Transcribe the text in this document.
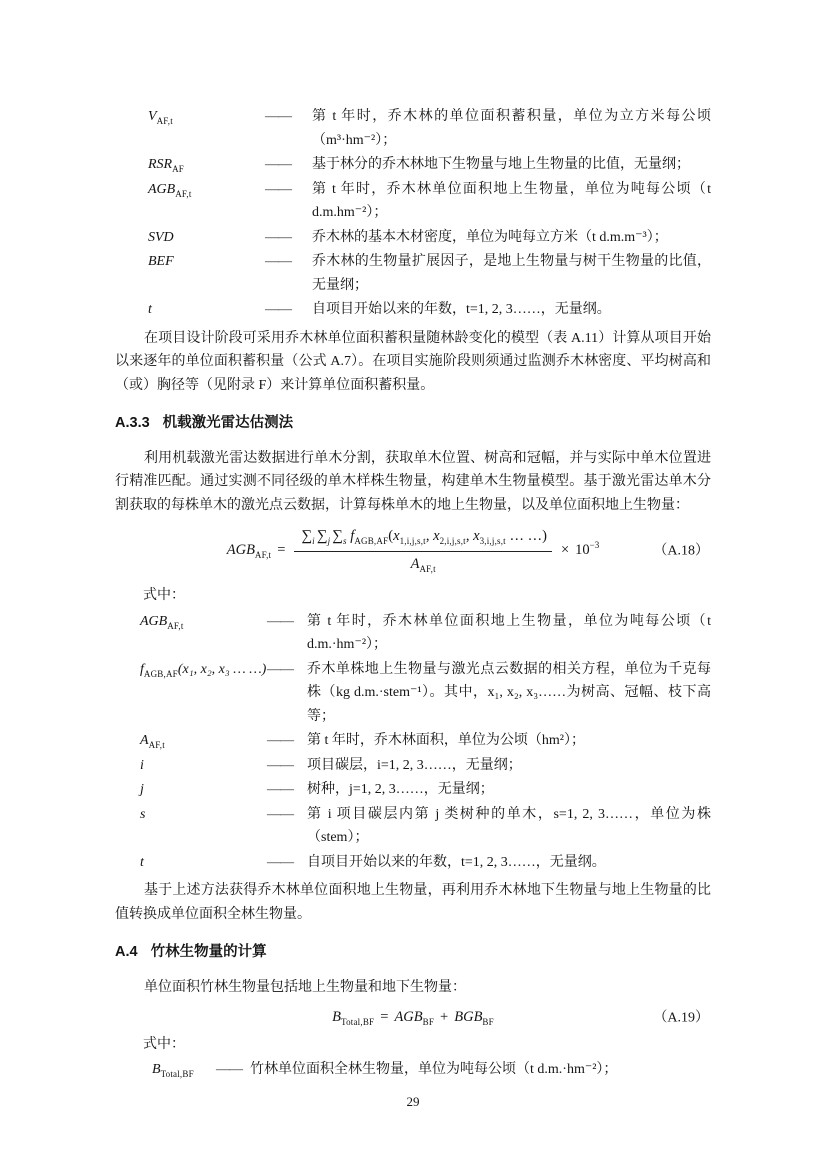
$V_{AF,t}$	——	第 t 年时，乔木林的单位面积蓄积量，单位为立方米每公顷（m³·hm⁻²）；
$RSR_{AF}$	——	基于林分的乔木林地下生物量与地上生物量的比值，无量纲；
$AGB_{AF,t}$	——	第 t 年时，乔木林单位面积地上生物量，单位为吨每公顷（t d.m.hm⁻²）；
SVD	——	乔木林的基本木材密度，单位为吨每立方米（t d.m.m⁻³）；
BEF	——	乔木林的生物量扩展因子，是地上生物量与树干生物量的比值，无量纲；
t	——	自项目开始以来的年数，t=1, 2, 3……，无量纲。

在项目设计阶段可采用乔木林单位面积蓄积量随林龄变化的模型（表 A.11）计算从项目开始以来逐年的单位面积蓄积量（公式 A.7）。在项目实施阶段则须通过监测乔木林密度、平均树高和（或）胸径等（见附录 F）来计算单位面积蓄积量。

A.3.3 机载激光雷达估测法

利用机载激光雷达数据进行单木分割，获取单木位置、树高和冠幅，并与实际中单木位置进行精准匹配。通过实测不同径级的单木样株生物量，构建单木生物量模型。基于激光雷达单木分割获取的每株单木的激光点云数据，计算每株单木的地上生物量，以及单位面积地上生物量：

$AGB_{AF,t}$ =
$\sum_i$ $\sum_j$ $\sum_s$ $f_{AGB,AF}(x_{1,i,j,s,t}$, $x_{2,i,j,s,t}$, $x_{3,i,j,s,t}$ … …)
$A_{AF,t}$
× $10^{-3}$	（A.18）

式中：

$AGB_{AF,t}$	——	第 t 年时，乔木林单位面积地上生物量，单位为吨每公顷（t d.m.·hm⁻²）；
$f_{AGB,AF}(x_1$, x₂, x₃ … …) ——	乔木单株地上生物量与激光点云数据的相关方程，单位为千克每株（kg d.m.·stem⁻¹）。其中，x₁, x₂, x₃……为树高、冠幅、枝下高等；
$A_{AF,t}$	——	第 t 年时，乔木林面积，单位为公顷（hm²）；
i	——	项目碳层，i=1, 2, 3……，无量纲；
j	——	树种，j=1, 2, 3……，无量纲；
s	——	第 i 项目碳层内第 j 类树种的单木，s=1, 2, 3……，单位为株（stem）；
t	——	自项目开始以来的年数，t=1, 2, 3……，无量纲。

基于上述方法获得乔木林单位面积地上生物量，再利用乔木林地下生物量与地上生物量的比值转换成单位面积全林生物量。

A.4 竹林生物量的计算

单位面积竹林生物量包括地上生物量和地下生物量：

$B_{Total,BF} = AGB_{BF} + BGB_{BF}$	（A.19）

式中：

$B_{Total,BF}$	—— 竹林单位面积全林生物量，单位为吨每公顷（t d.m.·hm⁻²）；
29
